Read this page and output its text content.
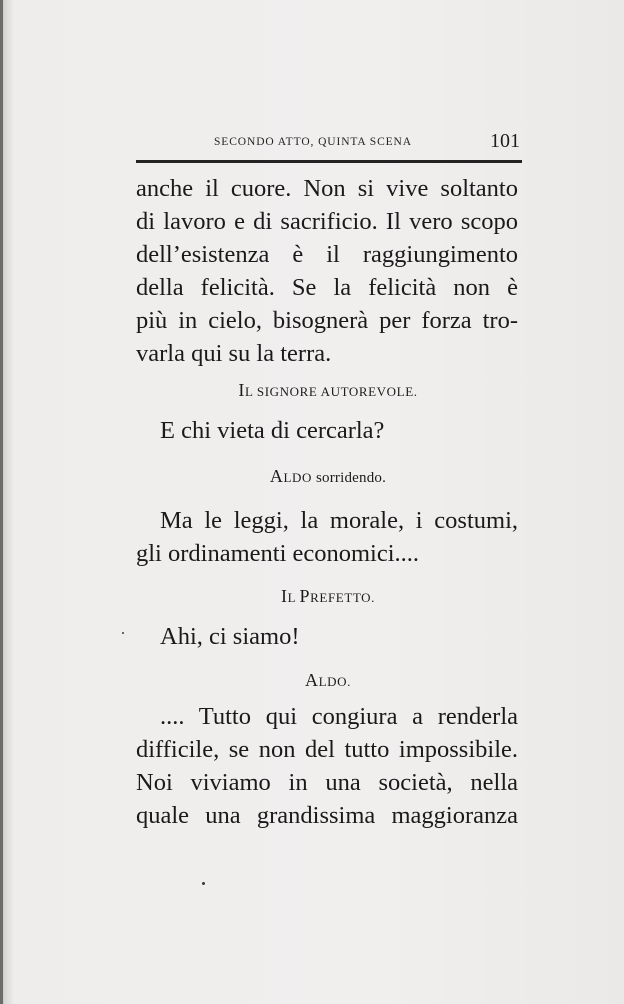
SECONDO ATTO, QUINTA SCENA	101
anche il cuore. Non si vive soltanto
di lavoro e di sacrificio. Il vero scopo
dell’esistenza è il raggiungimento
della felicità. Se la felicità non è
più in cielo, bisognerà per forza tro-
varla qui su la terra.
IL SIGNORE AUTOREVOLE.
E chi vieta di cercarla?
ALDO sorridendo.
Ma le leggi, la morale, i costumi,
gli ordinamenti economici....
IL PREFETTO.
Ahi, ci siamo!
ALDO.
.... Tutto qui congiura a renderla
difficile, se non del tutto impossibile.
Noi viviamo in una società, nella
quale una grandissima maggioranza
